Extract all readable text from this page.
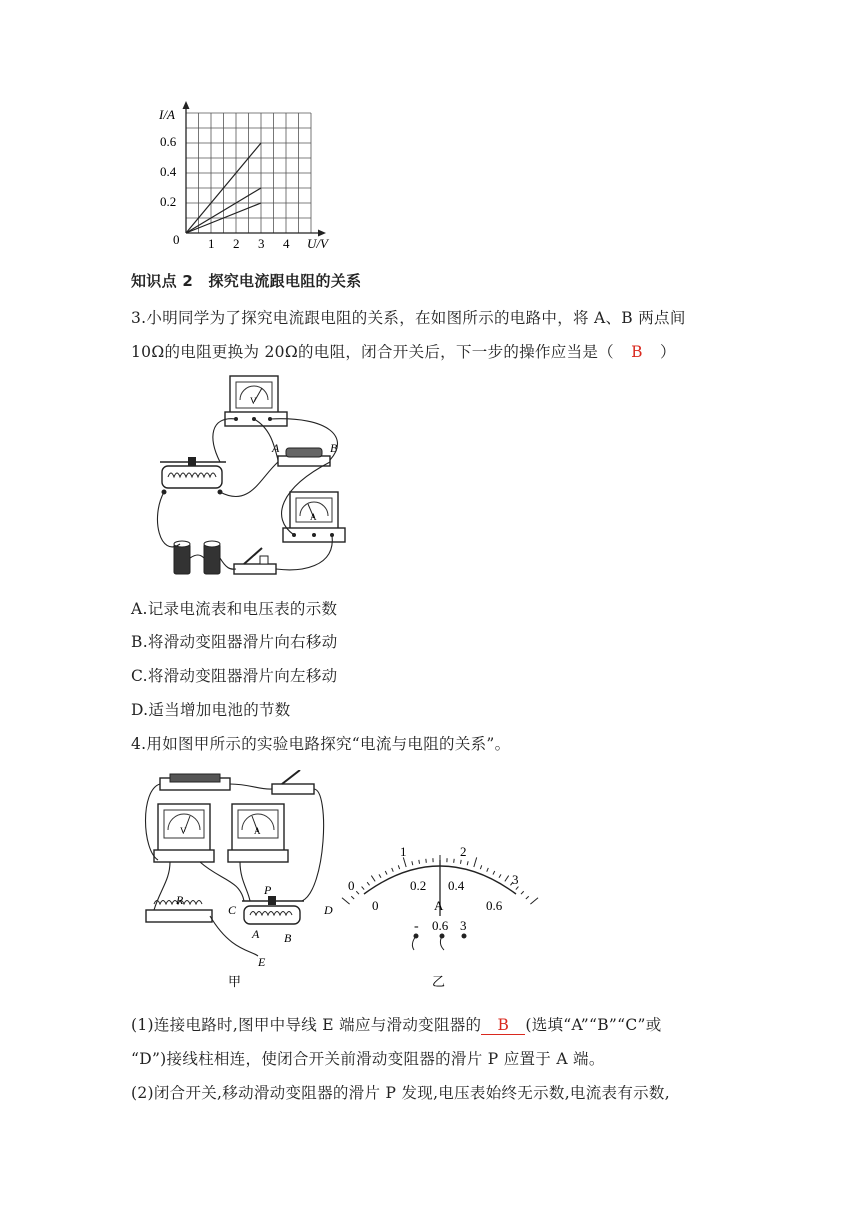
I/A
0.6
0.4
0.2
0 1 2 3 4 U/V
知识点 2　探究电流跟电阻的关系
3.小明同学为了探究电流跟电阻的关系，在如图所示的电路中，将 A、B 两点间
10Ω的电阻更换为 20Ω的电阻，闭合开关后，下一步的操作应当是（ B ）
V
A	B
A
A.记录电流表和电压表的示数
B.将滑动变阻器滑片向右移动
C.将滑动变阻器滑片向左移动
D.适当增加电池的节数
4.用如图甲所示的实验电路探究“电流与电阻的关系”。
V	A
R
P
C	D
A B
E
甲
0
1	2
3
0
0.2 0.4
0.6
A
- 0.6 3
乙
(1)连接电路时,图甲中导线 E 端应与滑动变阻器的 B (选填“A”“B”“C”或
“D”)接线柱相连，使闭合开关前滑动变阻器的滑片 P 应置于 A 端。
(2)闭合开关,移动滑动变阻器的滑片 P 发现,电压表始终无示数,电流表有示数,
